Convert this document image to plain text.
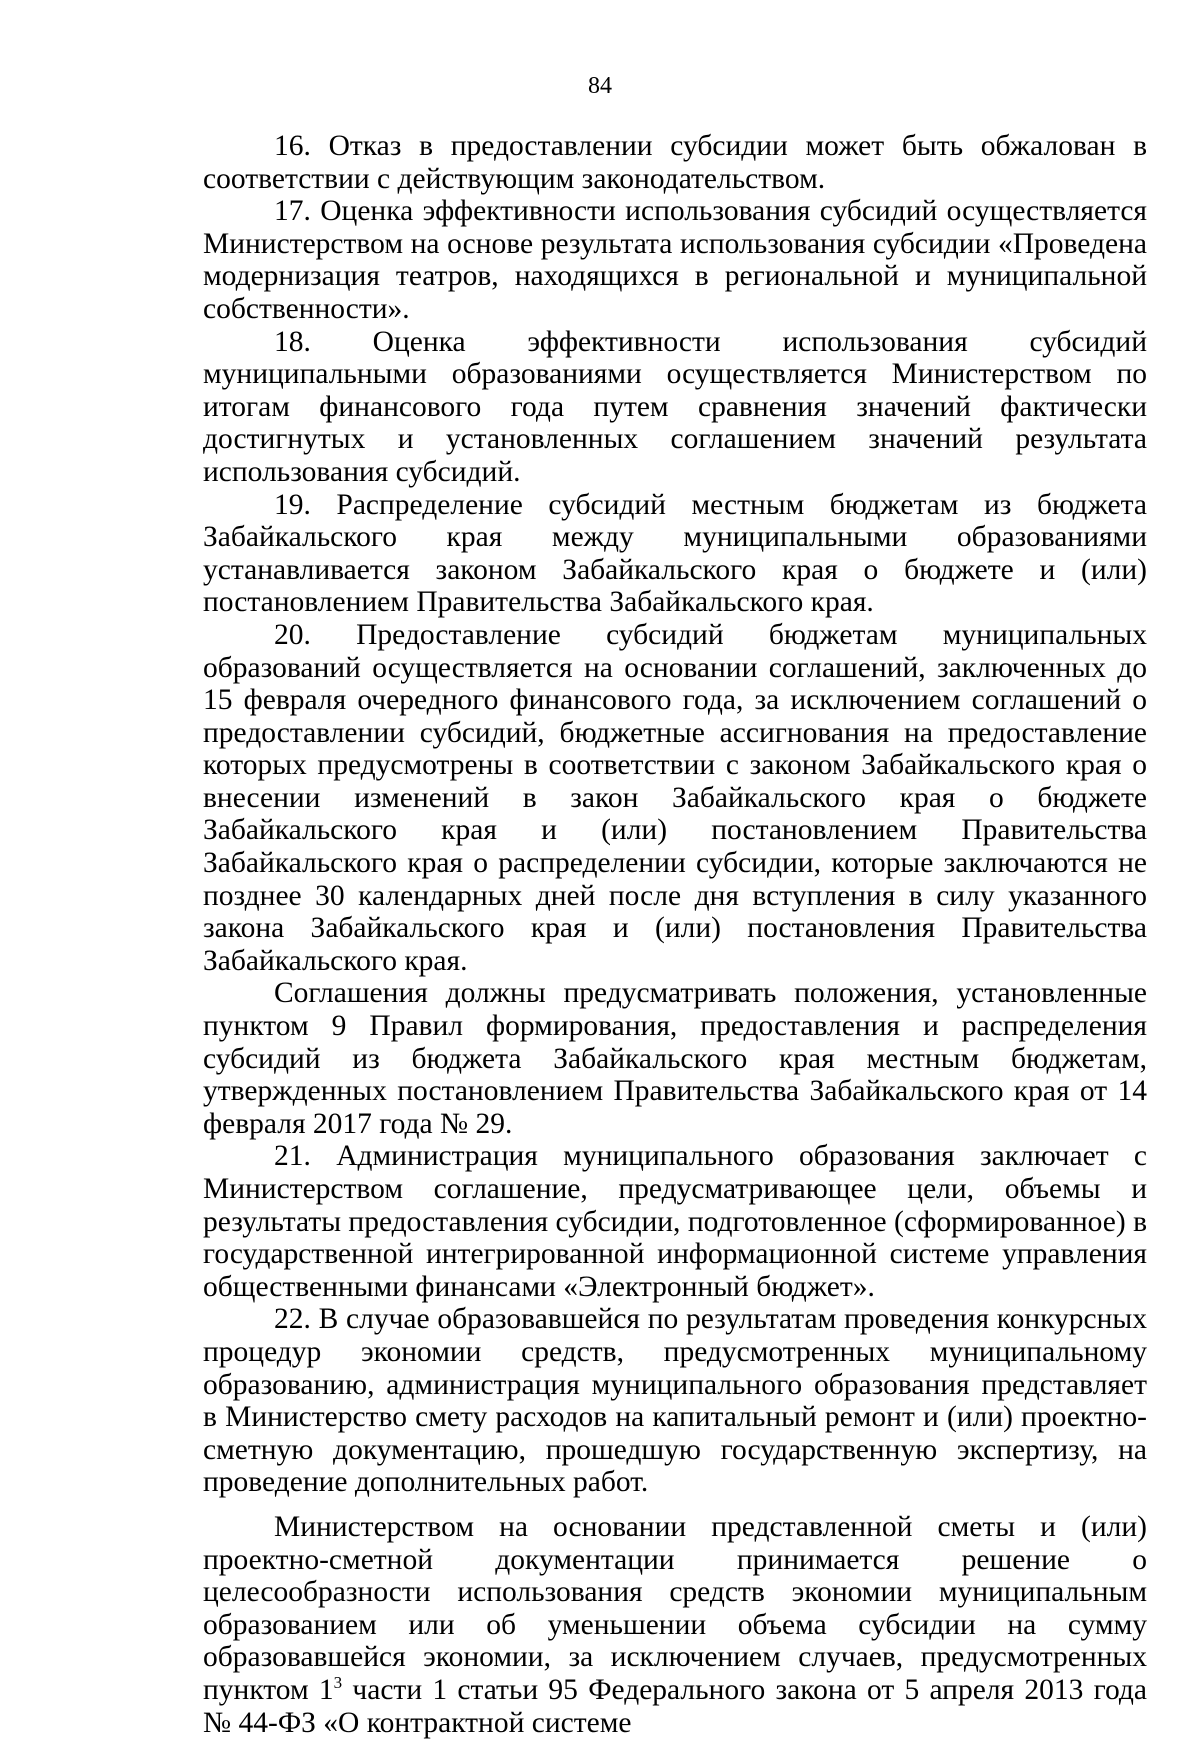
84

16. Отказ в предоставлении субсидии может быть обжалован в соответствии с действующим законодательством.

17. Оценка эффективности использования субсидий осуществляется Министерством на основе результата использования субсидии «Проведена модернизация театров, находящихся в региональной и муниципальной собственности».

18. Оценка эффективности использования субсидий муниципальными образованиями осуществляется Министерством по итогам финансового года путем сравнения значений фактически достигнутых и установленных соглашением значений результата использования субсидий.

19. Распределение субсидий местным бюджетам из бюджета Забайкальского края между муниципальными образованиями устанавливается законом Забайкальского края о бюджете и (или) постановлением Правительства Забайкальского края.

20. Предоставление субсидий бюджетам муниципальных образований осуществляется на основании соглашений, заключенных до 15 февраля очередного финансового года, за исключением соглашений о предоставлении субсидий, бюджетные ассигнования на предоставление которых предусмотрены в соответствии с законом Забайкальского края о внесении изменений в закон Забайкальского края о бюджете Забайкальского края и (или) постановлением Правительства Забайкальского края о распределении субсидии, которые заключаются не позднее 30 календарных дней после дня вступления в силу указанного закона Забайкальского края и (или) постановления Правительства Забайкальского края.

Соглашения должны предусматривать положения, установленные пунктом 9 Правил формирования, предоставления и распределения субсидий из бюджета Забайкальского края местным бюджетам, утвержденных постановлением Правительства Забайкальского края от 14 февраля 2017 года № 29.

21. Администрация муниципального образования заключает с Министерством соглашение, предусматривающее цели, объемы и результаты предоставления субсидии, подготовленное (сформированное) в государственной интегрированной информационной системе управления общественными финансами «Электронный бюджет».

22. В случае образовавшейся по результатам проведения конкурсных процедур экономии средств, предусмотренных муниципальному образованию, администрация муниципального образования представляет в Министерство смету расходов на капитальный ремонт и (или) проектно-сметную документацию, прошедшую государственную экспертизу, на проведение дополнительных работ.

Министерством на основании представленной сметы и (или) проектно-сметной документации принимается решение о целесообразности использования средств экономии муниципальным образованием или об уменьшении объема субсидии на сумму образовавшейся экономии, за исключением случаев, предусмотренных пунктом $1^3$ части 1 статьи 95 Федерального закона от 5 апреля 2013 года № 44-ФЗ «О контрактной системе
